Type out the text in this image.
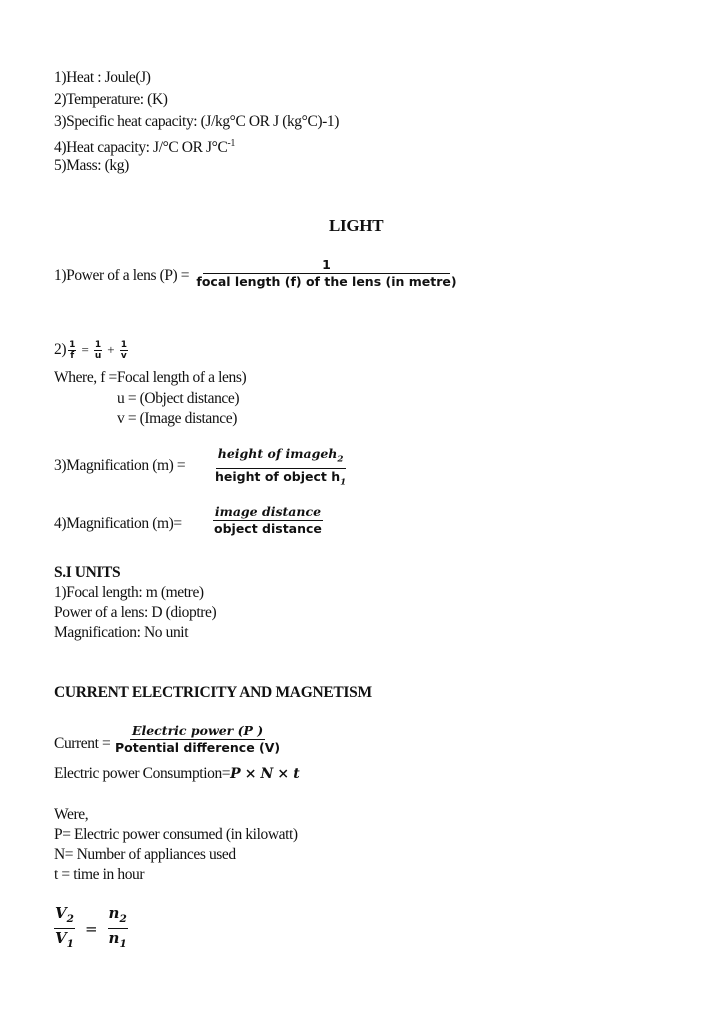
1)Heat : Joule(J)
2)Temperature: (K)
3)Specific heat capacity: (J/kg°C OR J (kg°C)-1)
4)Heat capacity: J/°C OR $J^\circ C^{-1}$
5)Mass: (kg)
LIGHT
1)Power of a lens $(P) = \frac{1}{\text{focal length (f) of the lens (in metre)}}$
$2) \frac{1}{f} = \frac{1}{u} + \frac{1}{v}$
Where, f =Focal length of a lens)
u = (Object distance)
v = (Image distance)
3)Magnification $(m) = \frac{height of imageh_2}{height of object h_1}$
4)Magnification $(m)= \frac{\text{image distance}}{\text{object distance}}$
S.I UNITS
1)Focal length: m (metre)
Power of a lens: D (dioptre)
Magnification: No unit
CURRENT ELECTRICITY AND MAGNETISM
Current = $\frac{\text{Electric power (P )}}{\text{Potential difference (V)}}$
Electric power Consumption=P × N × t
Were,
P= Electric power consumed (in kilowatt)
N= Number of appliances used
t = time in hour
$\frac{V_2}{V_1} = \frac{n_2}{n_1}$
